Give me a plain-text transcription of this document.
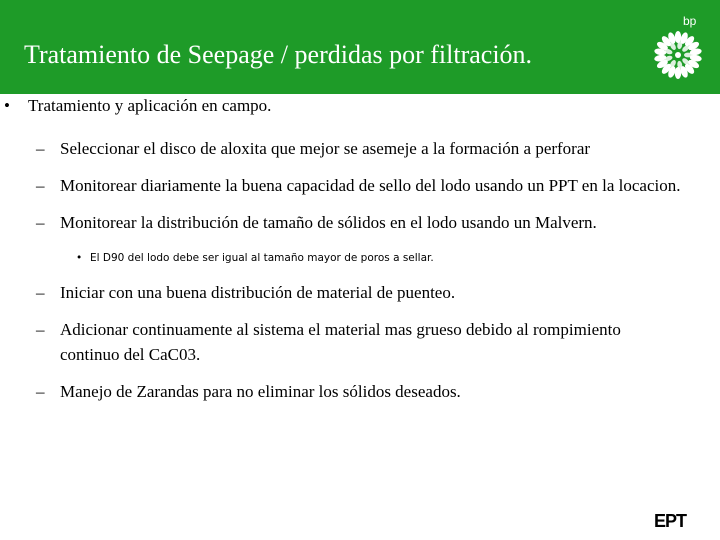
Tratamiento de Seepage / perdidas por filtración.
bp
• Tratamiento y aplicación en campo.
– Seleccionar el disco de aloxita que mejor se asemeje a la formación a perforar
– Monitorear diariamente la buena capacidad de sello del lodo usando un PPT en la locacion.
– Monitorear la distribución de tamaño de sólidos en el lodo usando un Malvern.
• El D90 del lodo debe ser igual al tamaño mayor de poros a sellar.
– Iniciar con una buena distribución de material de puenteo.
– Adicionar continuamente al sistema el material mas grueso debido al rompimiento continuo del CaC03.
– Manejo de Zarandas para no eliminar los sólidos deseados.
EPT
